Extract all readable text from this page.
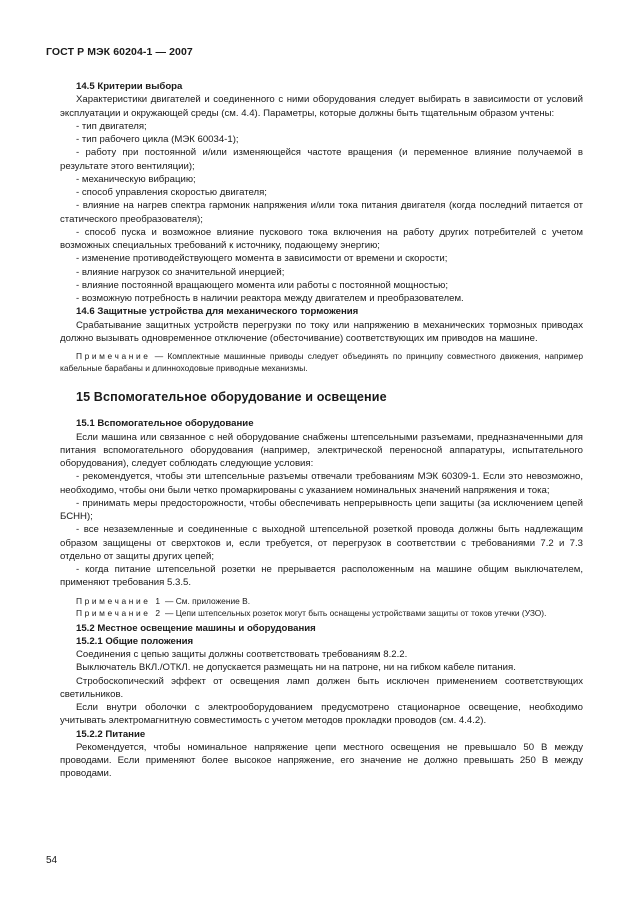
ГОСТ Р МЭК 60204-1 — 2007

14.5 Критерии выбора

Характеристики двигателей и соединенного с ними оборудования следует выбирать в зависимости от условий эксплуатации и окружающей среды (см. 4.4). Параметры, которые должны быть тщательным образом учтены:

- тип двигателя;

- тип рабочего цикла (МЭК 60034-1);

- работу при постоянной и/или изменяющейся частоте вращения (и переменное влияние получаемой в результате этого вентиляции);

- механическую вибрацию;

- способ управления скоростью двигателя;

- влияние на нагрев спектра гармоник напряжения и/или тока питания двигателя (когда последний питается от статического преобразователя);

- способ пуска и возможное влияние пускового тока включения на работу других потребителей с учетом возможных специальных требований к источнику, подающему энергию;

- изменение противодействующего момента в зависимости от времени и скорости;

- влияние нагрузок со значительной инерцией;

- влияние постоянной вращающего момента или работы с постоянной мощностью;

- возможную потребность в наличии реактора между двигателем и преобразователем.

14.6 Защитные устройства для механического торможения

Срабатывание защитных устройств перегрузки по току или напряжению в механических тормозных приводах должно вызывать одновременное отключение (обесточивание) соответствующих им приводов на машине.

Примечание — Комплектные машинные приводы следует объединять по принципу совместного движения, например кабельные барабаны и длинноходовые приводные механизмы.

15 Вспомогательное оборудование и освещение

15.1 Вспомогательное оборудование

Если машина или связанное с ней оборудование снабжены штепсельными разъемами, предназначенными для питания вспомогательного оборудования (например, электрической переносной аппаратуры, испытательного оборудования), следует соблюдать следующие условия:

- рекомендуется, чтобы эти штепсельные разъемы отвечали требованиям МЭК 60309-1. Если это невозможно, необходимо, чтобы они были четко промаркированы с указанием номинальных значений напряжения и тока;

- принимать меры предосторожности, чтобы обеспечивать непрерывность цепи защиты (за исключением цепей БСНН);

- все незаземленные и соединенные с выходной штепсельной розеткой провода должны быть надлежащим образом защищены от сверхтоков и, если требуется, от перегрузок в соответствии с требованиями 7.2 и 7.3 отдельно от защиты других цепей;

- когда питание штепсельной розетки не прерывается расположенным на машине общим выключателем, применяют требования 5.3.5.

Примечание 1 — См. приложение В.

Примечание 2 — Цепи штепсельных розеток могут быть оснащены устройствами защиты от токов утечки (УЗО).

15.2 Местное освещение машины и оборудования

15.2.1 Общие положения

Соединения с цепью защиты должны соответствовать требованиям 8.2.2.

Выключатель ВКЛ./ОТКЛ. не допускается размещать ни на патроне, ни на гибком кабеле питания.

Стробоскопический эффект от освещения ламп должен быть исключен применением соответствующих светильников.

Если внутри оболочки с электрооборудованием предусмотрено стационарное освещение, необходимо учитывать электромагнитную совместимость с учетом методов прокладки проводов (см. 4.4.2).

15.2.2 Питание

Рекомендуется, чтобы номинальное напряжение цепи местного освещения не превышало 50 В между проводами. Если применяют более высокое напряжение, его значение не должно превышать 250 В между проводами.

54
